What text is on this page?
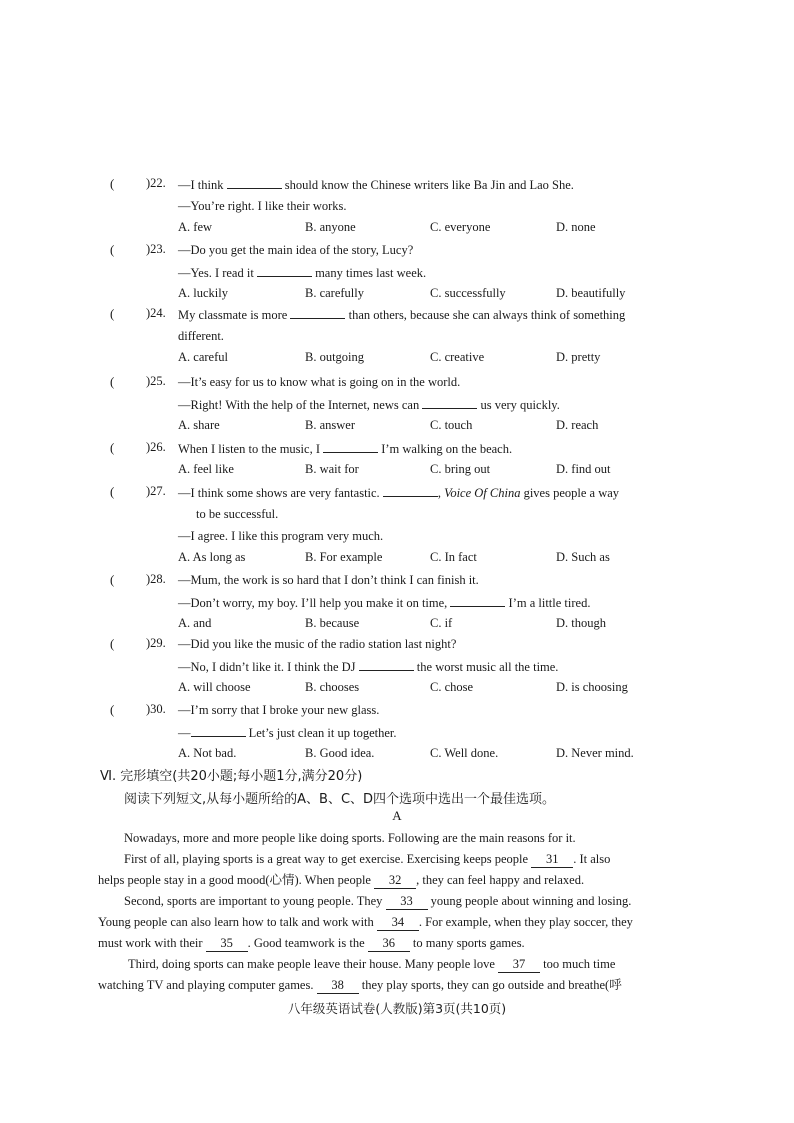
(	)22. —I think	should know the Chinese writers like Ba Jin and Lao She.
—You’re right. I like their works.
A. few	B. anyone	C. everyone	D. none
(	)23. —Do you get the main idea of the story, Lucy?
—Yes. I read it	many times last week.
A. luckily	B. carefully	C. successfully	D. beautifully
(	)24. My classmate is more	than others, because she can always think of something
different.
A. careful	B. outgoing	C. creative	D. pretty
(	)25. —It’s easy for us to know what is going on in the world.
—Right! With the help of the Internet, news can	us very quickly.
A. share	B. answer	C. touch	D. reach
(	)26. When I listen to the music, I	I’m walking on the beach.
A. feel like	B. wait for	C. bring out	D. find out
(	)27. —I think some shows are very fantastic.	, Voice Of China gives people a way
to be successful.
—I agree. I like this program very much.
A. As long as	B. For example	C. In fact	D. Such as
(	)28. —Mum, the work is so hard that I don’t think I can finish it.
—Don’t worry, my boy. I’ll help you make it on time,	I’m a little tired.
A. and	B. because	C. if	D. though
(	)29. —Did you like the music of the radio station last night?
—No, I didn’t like it. I think the DJ	the worst music all the time.
A. will choose	B. chooses	C. chose	D. is choosing
(	)30. —I’m sorry that I broke your new glass.
—	Let’s just clean it up together.
A. Not bad.	B. Good idea.	C. Well done.	D. Never mind.
Ⅵ. 完形填空(共20小题;每小题1分,满分20分)
阅读下列短文,从每小题所给的A、B、C、D四个选项中选出一个最佳选项。
A
Nowadays, more and more people like doing sports. Following are the main reasons for it.
First of all, playing sports is a great way to get exercise. Exercising keeps people 31 . It also
helps people stay in a good mood(心情). When people 32 , they can feel happy and relaxed.
Second, sports are important to young people. They 33 young people about winning and losing.
Young people can also learn how to talk and work with 34 . For example, when they play soccer, they
must work with their 35 . Good teamwork is the 36 to many sports games.
Third, doing sports can make people leave their house. Many people love 37 too much time
watching TV and playing computer games. 38 they play sports, they can go outside and breathe(呼
八年级英语试卷(人教版)第3页(共10页)
